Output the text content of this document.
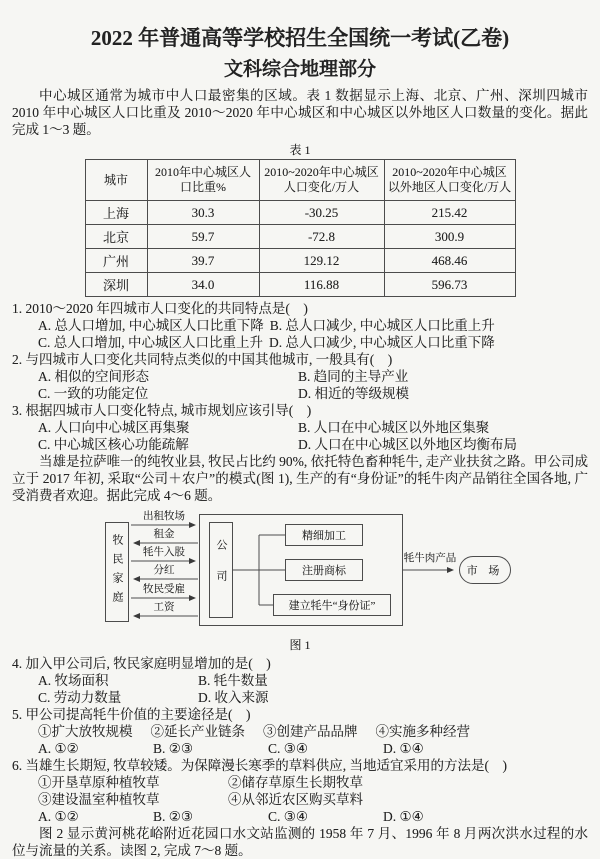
2022 年普通高等学校招生全国统一考试(乙卷)
文科综合地理部分

中心城区通常为城市中人口最密集的区域。表 1 数据显示上海、北京、广州、深圳四城市 2010 年中心城区人口比重及 2010～2020 年中心城区和中心城区以外地区人口数量的变化。据此完成 1～3 题。

表 1
城市	2010年中心城区人口比重%	2010~2020年中心城区人口变化/万人	2010~2020年中心城区以外地区人口变化/万人
上海	30.3	-30.25	215.42
北京	59.7	-72.8	300.9
广州	39.7	129.12	468.46
深圳	34.0	116.88	596.73
1. 2010～2020 年四城市人口变化的共同特点是(　)
A. 总人口增加, 中心城区人口比重下降 B. 总人口减少, 中心城区人口比重上升
C. 总人口增加, 中心城区人口比重上升 D. 总人口减少, 中心城区人口比重下降
2. 与四城市人口变化共同特点类似的中国其他城市, 一般具有(　)
A. 相似的空间形态	B. 趋同的主导产业
C. 一致的功能定位	D. 相近的等级规模
3. 根据四城市人口变化特点, 城市规划应该引导(　)
A. 人口向中心城区再集聚	B. 人口在中心城区以外地区集聚
C. 中心城区核心功能疏解	D. 人口在中心城区以外地区均衡布局

当雄是拉萨唯一的纯牧业县, 牧民占比约 90%, 依托特色畜种牦牛, 走产业扶贫之路。甲公司成立于 2017 年初, 采取“公司＋农户”的模式(图 1), 生产的有“身份证”的牦牛肉产品销往全国各地, 广受消费者欢迎。据此完成 4～6 题。

牧民家庭
出租牧场
租金
牦牛入股
分红
牧民受雇
工资
公司
精细加工
注册商标
建立牦牛“身份证”
牦牛肉产品
市 场
图 1
4. 加入甲公司后, 牧民家庭明显增加的是(　)
A. 牧场面积	B. 牦牛数量
C. 劳动力数量	D. 收入来源
5. 甲公司提高牦牛价值的主要途径是(　)
①扩大放牧规模 ②延长产业链条 ③创建产品品牌 ④实施多种经营
A. ①②	B. ②③	C. ③④	D. ①④
6. 当雄生长期短, 牧草较矮。为保障漫长寒季的草料供应, 当地适宜采用的方法是(　)
①开垦草原种植牧草	②储存草原生长期牧草
③建设温室种植牧草	④从邻近农区购买草料
A. ①②	B. ②③	C. ③④	D. ①④

图 2 显示黄河桃花峪附近花园口水文站监测的 1958 年 7 月、1996 年 8 月两次洪水过程的水位与流量的关系。读图 2, 完成 7～8 题。
